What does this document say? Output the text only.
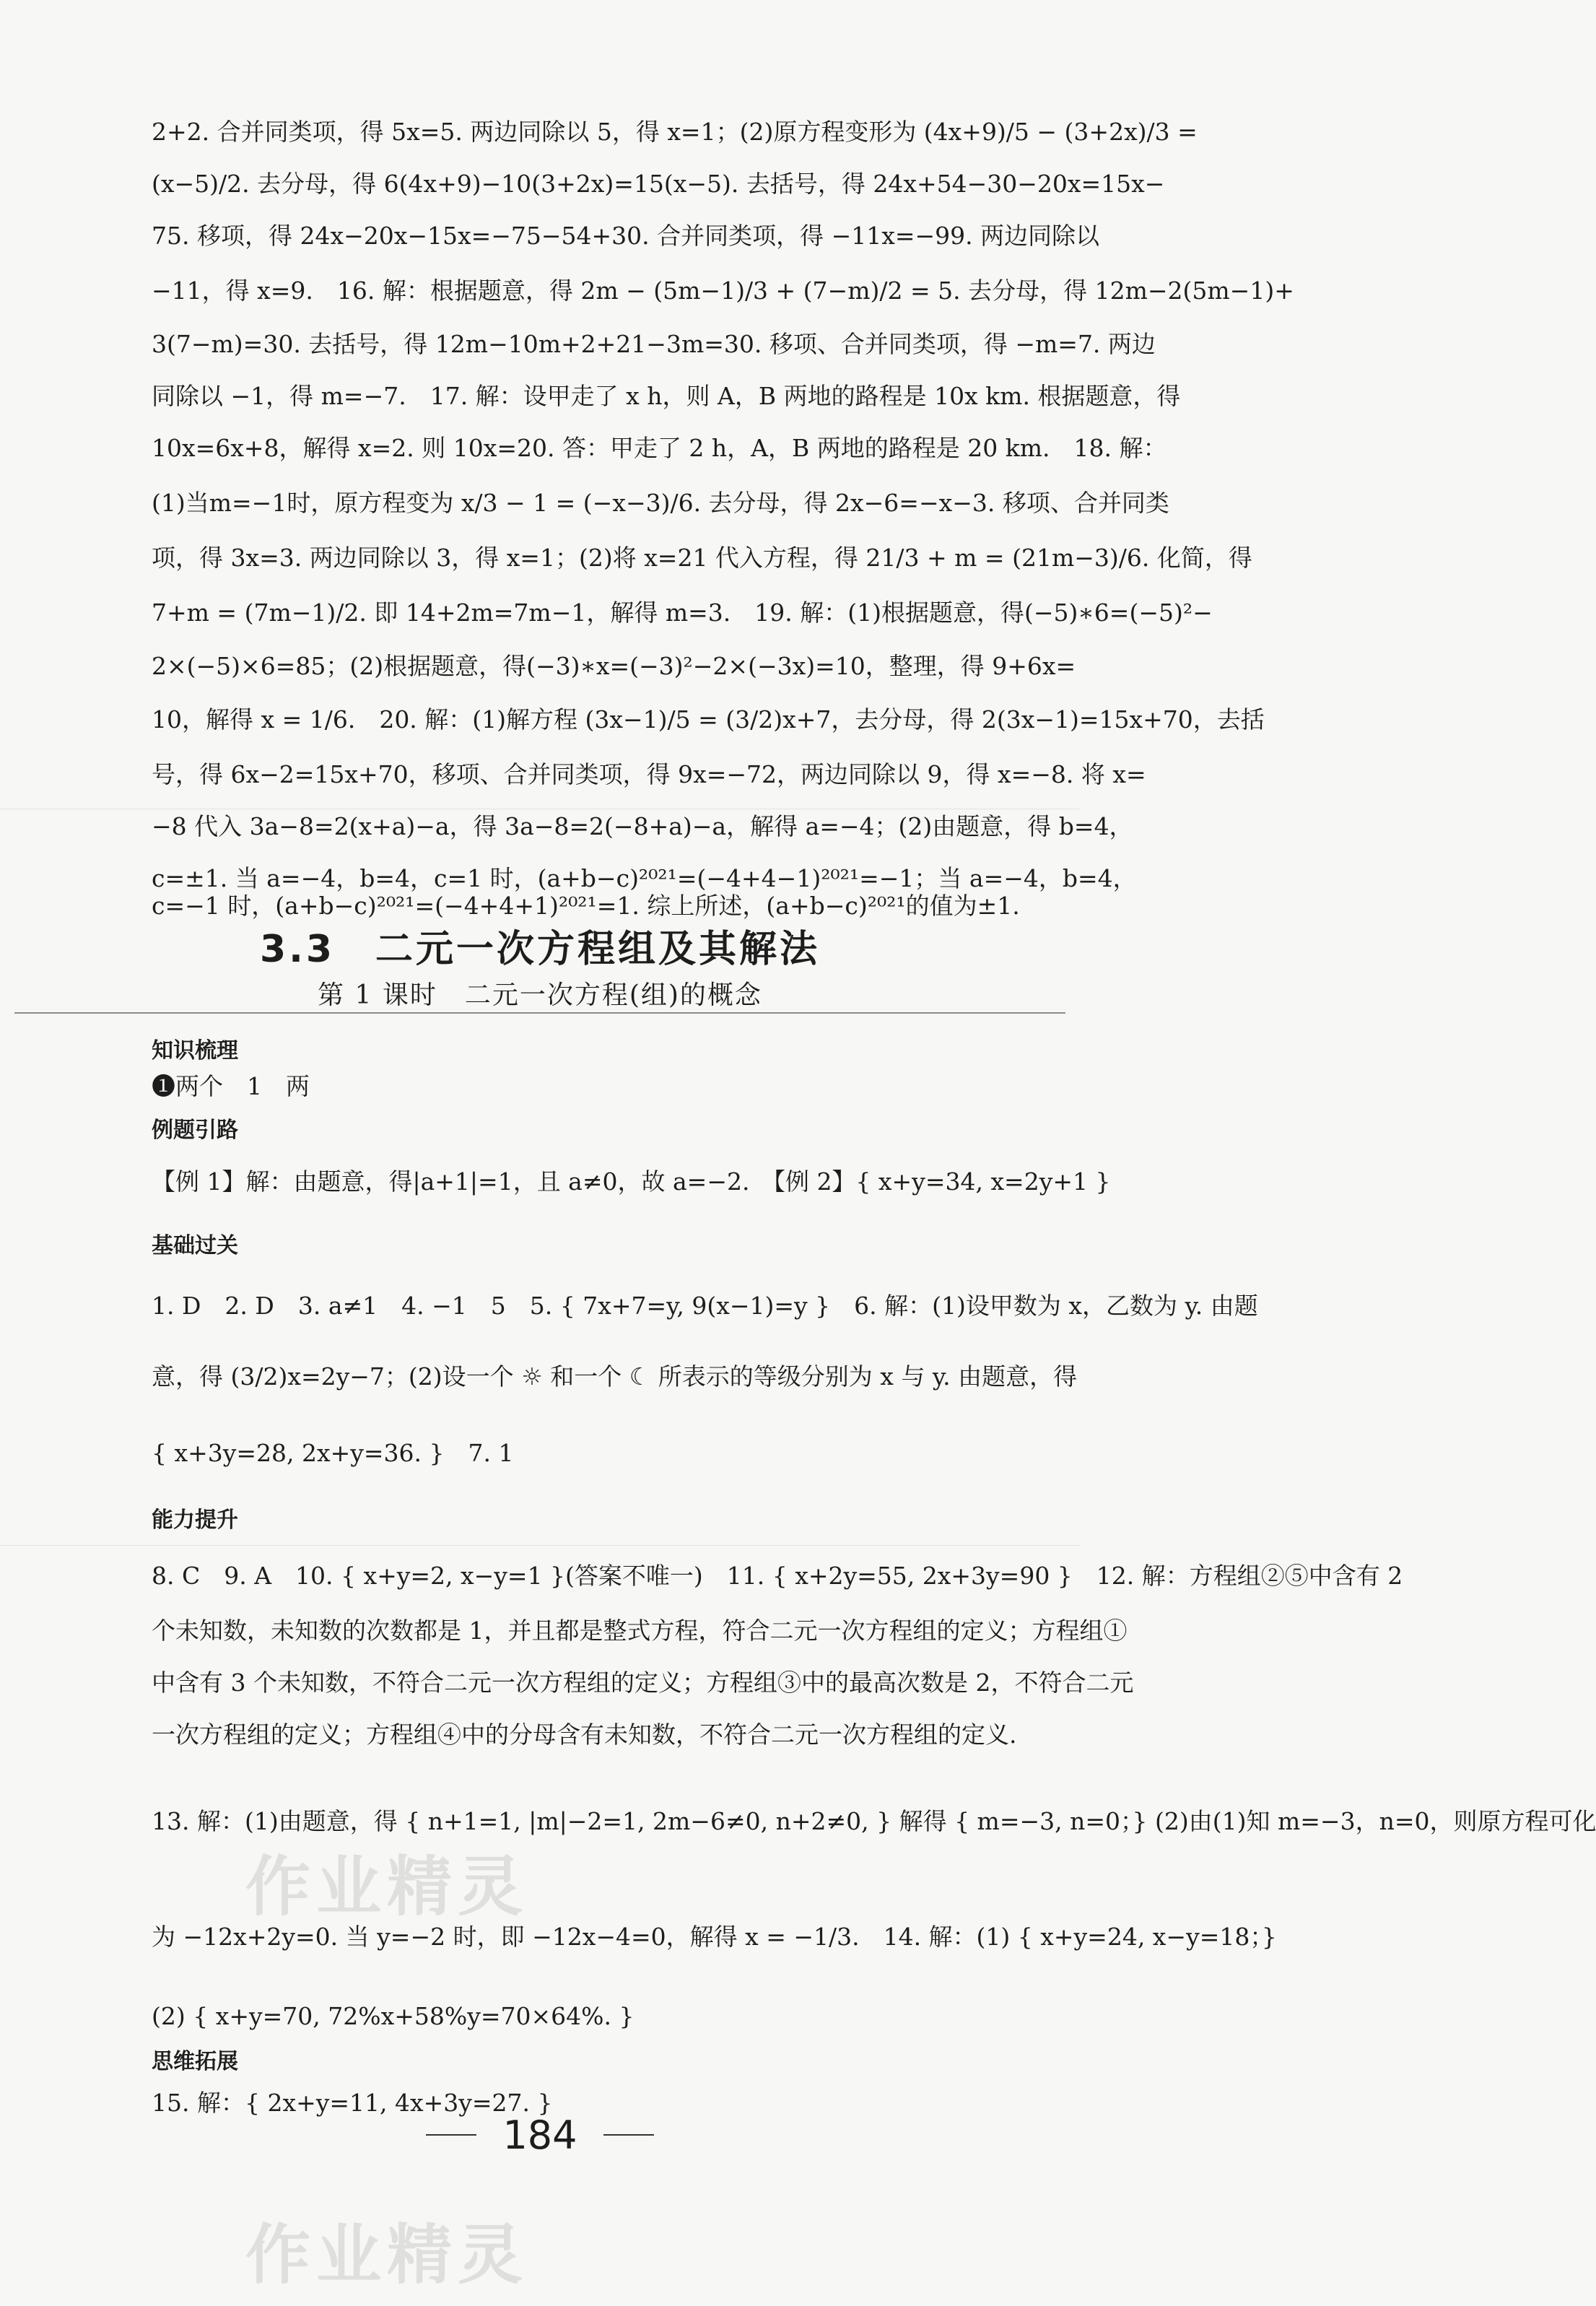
2+2. 合并同类项，得 5x=5. 两边同除以 5，得 x=1；(2)原方程变形为 (4x+9)/5 − (3+2x)/3 =
(x−5)/2. 去分母，得 6(4x+9)−10(3+2x)=15(x−5). 去括号，得 24x+54−30−20x=15x−
75. 移项，得 24x−20x−15x=−75−54+30. 合并同类项，得 −11x=−99. 两边同除以
−11，得 x=9.　16. 解：根据题意，得 2m − (5m−1)/3 + (7−m)/2 = 5. 去分母，得 12m−2(5m−1)+
3(7−m)=30. 去括号，得 12m−10m+2+21−3m=30. 移项、合并同类项，得 −m=7. 两边
同除以 −1，得 m=−7.　17. 解：设甲走了 x h，则 A，B 两地的路程是 10x km. 根据题意，得
10x=6x+8，解得 x=2. 则 10x=20. 答：甲走了 2 h，A，B 两地的路程是 20 km.　18. 解：
(1)当m=−1时，原方程变为 x/3 − 1 = (−x−3)/6. 去分母，得 2x−6=−x−3. 移项、合并同类
项，得 3x=3. 两边同除以 3，得 x=1；(2)将 x=21 代入方程，得 21/3 + m = (21m−3)/6. 化简，得
7+m = (7m−1)/2. 即 14+2m=7m−1，解得 m=3.　19. 解：(1)根据题意，得(−5)∗6=(−5)²−
2×(−5)×6=85；(2)根据题意，得(−3)∗x=(−3)²−2×(−3x)=10，整理，得 9+6x=
10，解得 x = 1/6.　20. 解：(1)解方程 (3x−1)/5 = (3/2)x+7，去分母，得 2(3x−1)=15x+70，去括
号，得 6x−2=15x+70，移项、合并同类项，得 9x=−72，两边同除以 9，得 x=−8. 将 x=
−8 代入 3a−8=2(x+a)−a，得 3a−8=2(−8+a)−a，解得 a=−4；(2)由题意，得 b=4，
c=±1. 当 a=−4，b=4，c=1 时，(a+b−c)²⁰²¹=(−4+4−1)²⁰²¹=−1；当 a=−4，b=4，
c=−1 时，(a+b−c)²⁰²¹=(−4+4+1)²⁰²¹=1. 综上所述，(a+b−c)²⁰²¹的值为±1.
3.3　二元一次方程组及其解法
第 1 课时　二元一次方程(组)的概念
知识梳理
❶两个　1　两
例题引路
【例 1】解：由题意，得|a+1|=1，且 a≠0，故 a=−2.　【例 2】{ x+y=34, x=2y+1 }
基础过关
1. D　2. D　3. a≠1　4. −1　5　5. { 7x+7=y, 9(x−1)=y }　6. 解：(1)设甲数为 x，乙数为 y. 由题
意，得 (3/2)x=2y−7；(2)设一个 ☼ 和一个 ☾ 所表示的等级分别为 x 与 y. 由题意，得
{ x+3y=28, 2x+y=36. }　7. 1
能力提升
8. C　9. A　10. { x+y=2, x−y=1 }(答案不唯一)　11. { x+2y=55, 2x+3y=90 }　12. 解：方程组②⑤中含有 2
个未知数，未知数的次数都是 1，并且都是整式方程，符合二元一次方程组的定义；方程组①
中含有 3 个未知数，不符合二元一次方程组的定义；方程组③中的最高次数是 2，不符合二元
一次方程组的定义；方程组④中的分母含有未知数，不符合二元一次方程组的定义.
13. 解：(1)由题意，得 { n+1=1, |m|−2=1, 2m−6≠0, n+2≠0, } 解得 { m=−3, n=0；} (2)由(1)知 m=−3，n=0，则原方程可化
为 −12x+2y=0. 当 y=−2 时，即 −12x−4=0，解得 x = −1/3.　14. 解：(1) { x+y=24, x−y=18；}
(2) { x+y=70, 72%x+58%y=70×64%. }
思维拓展
15. 解：{ 2x+y=11, 4x+3y=27. }
184
作业精灵
作业精灵
